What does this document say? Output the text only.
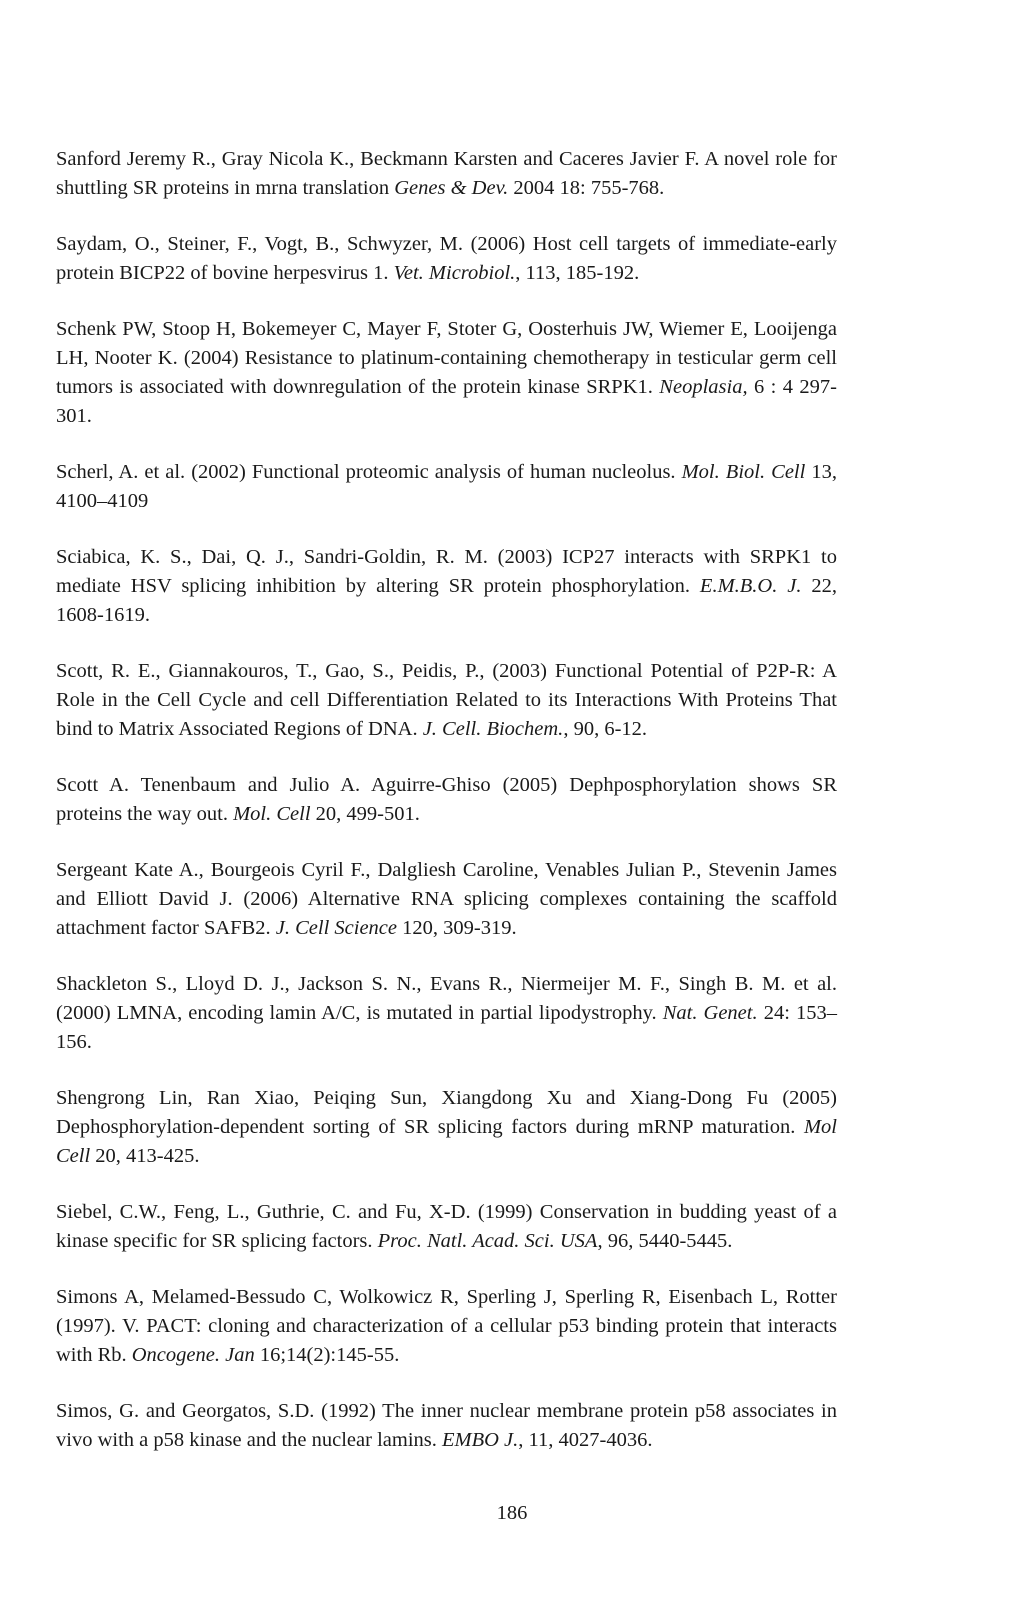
Sanford Jeremy R., Gray Nicola K., Beckmann Karsten and Caceres Javier F. A novel role for shuttling SR proteins in mrna translation Genes & Dev. 2004 18: 755-768.

Saydam, O., Steiner, F., Vogt, B., Schwyzer, M. (2006) Host cell targets of immediate-early protein BICP22 of bovine herpesvirus 1. Vet. Microbiol., 113, 185-192.

Schenk PW, Stoop H, Bokemeyer C, Mayer F, Stoter G, Oosterhuis JW, Wiemer E, Looijenga LH, Nooter K. (2004) Resistance to platinum-containing chemotherapy in testicular germ cell tumors is associated with downregulation of the protein kinase SRPK1. Neoplasia, 6 : 4 297-301.

Scherl, A. et al. (2002) Functional proteomic analysis of human nucleolus. Mol. Biol. Cell 13, 4100–4109

Sciabica, K. S., Dai, Q. J., Sandri-Goldin, R. M. (2003) ICP27 interacts with SRPK1 to mediate HSV splicing inhibition by altering SR protein phosphorylation. E.M.B.O. J. 22, 1608-1619.

Scott, R. E., Giannakouros, T., Gao, S., Peidis, P., (2003) Functional Potential of P2P-R: A Role in the Cell Cycle and cell Differentiation Related to its Interactions With Proteins That bind to Matrix Associated Regions of DNA. J. Cell. Biochem., 90, 6-12.

Scott A. Tenenbaum and Julio A. Aguirre-Ghiso (2005) Dephposphorylation shows SR proteins the way out. Mol. Cell 20, 499-501.

Sergeant Kate A., Bourgeois Cyril F., Dalgliesh Caroline, Venables Julian P., Stevenin James and Elliott David J. (2006) Alternative RNA splicing complexes containing the scaffold attachment factor SAFB2. J. Cell Science 120, 309-319.

Shackleton S., Lloyd D. J., Jackson S. N., Evans R., Niermeijer M. F., Singh B. M. et al. (2000) LMNA, encoding lamin A/C, is mutated in partial lipodystrophy. Nat. Genet. 24: 153–156.

Shengrong Lin, Ran Xiao, Peiqing Sun, Xiangdong Xu and Xiang-Dong Fu (2005) Dephosphorylation-dependent sorting of SR splicing factors during mRNP maturation. Mol Cell 20, 413-425.

Siebel, C.W., Feng, L., Guthrie, C. and Fu, X-D. (1999) Conservation in budding yeast of a kinase specific for SR splicing factors. Proc. Natl. Acad. Sci. USA, 96, 5440-5445.

Simons A, Melamed-Bessudo C, Wolkowicz R, Sperling J, Sperling R, Eisenbach L, Rotter (1997). V. PACT: cloning and characterization of a cellular p53 binding protein that interacts with Rb. Oncogene. Jan 16;14(2):145-55.

Simos, G. and Georgatos, S.D. (1992) The inner nuclear membrane protein p58 associates in vivo with a p58 kinase and the nuclear lamins. EMBO J., 11, 4027-4036.

186
